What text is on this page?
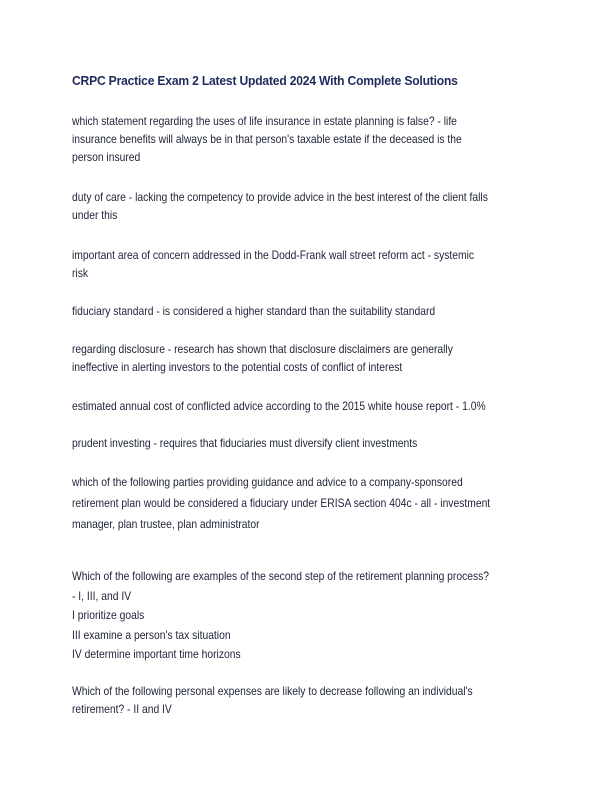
CRPC Practice Exam 2 Latest Updated 2024 With Complete Solutions
which statement regarding the uses of life insurance in estate planning is false? - life
insurance benefits will always be in that person's taxable estate if the deceased is the
person insured
duty of care - lacking the competency to provide advice in the best interest of the client falls
under this
important area of concern addressed in the Dodd-Frank wall street reform act - systemic
risk
fiduciary standard - is considered a higher standard than the suitability standard
regarding disclosure - research has shown that disclosure disclaimers are generally
ineffective in alerting investors to the potential costs of conflict of interest
estimated annual cost of conflicted advice according to the 2015 white house report - 1.0%
prudent investing - requires that fiduciaries must diversify client investments
which of the following parties providing guidance and advice to a company-sponsored
retirement plan would be considered a fiduciary under ERISA section 404c - all - investment
manager, plan trustee, plan administrator
Which of the following are examples of the second step of the retirement planning process?
- I, III, and IV
I prioritize goals
III examine a person's tax situation
IV determine important time horizons
Which of the following personal expenses are likely to decrease following an individual's
retirement? - II and IV
